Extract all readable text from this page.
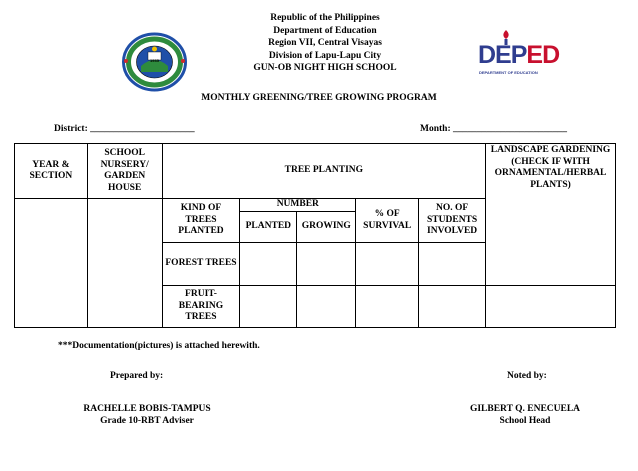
1935
Republic of the Philippines
Department of Education
Region VII, Central Visayas
Division of Lapu-Lapu City
GUN-OB NIGHT HIGH SCHOOL	DEPED
DEPARTMENT OF EDUCATION
MONTHLY GREENING/TREE GROWING PROGRAM
District: ______________________	Month: ________________________
YEAR & SECTION	SCHOOL NURSERY/ GARDEN HOUSE	TREE PLANTING					LANDSCAPE GARDENING (CHECK IF WITH ORNAMENTAL/HERBAL PLANTS)

		KIND OF TREES PLANTED	NUMBER		% OF SURVIVAL	NO. OF STUDENTS INVOLVED	
			PLANTED	GROWING			
		FOREST TREES					
		FRUIT-BEARING TREES					
***Documentation(pictures) is attached herewith.
Prepared by:	Noted by:
RACHELLE BOBIS-TAMPUS
Grade 10-RBT Adviser
GILBERT Q. ENECUELA
School Head
